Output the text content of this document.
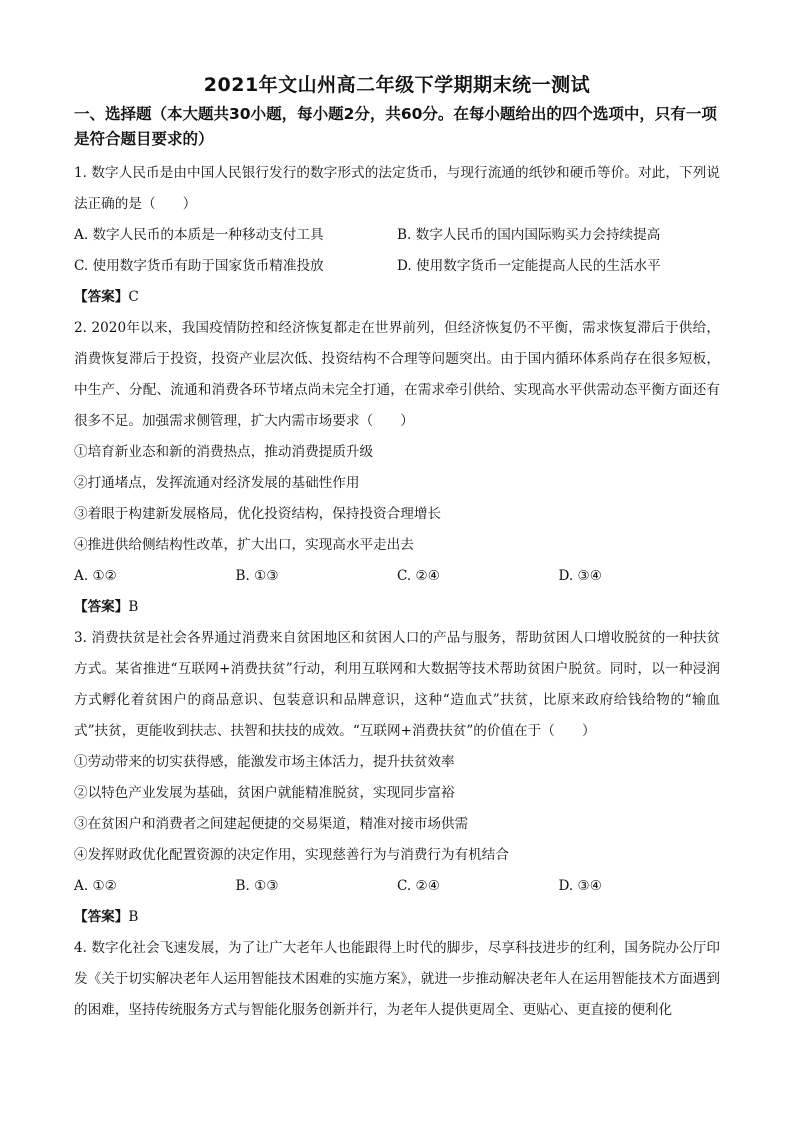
2021年文山州高二年级下学期期末统一测试
一、选择题（本大题共30小题，每小题2分，共60分。在每小题给出的四个选项中，只有一项是符合题目要求的）

1. 数字人民币是由中国人民银行发行的数字形式的法定货币，与现行流通的纸钞和硬币等价。对此，下列说法正确的是（　　）

A. 数字人民币的本质是一种移动支付工具	B. 数字人民币的国内国际购买力会持续提高
C. 使用数字货币有助于国家货币精准投放	D. 使用数字货币一定能提高人民的生活水平
【答案】C

2. 2020年以来，我国疫情防控和经济恢复都走在世界前列，但经济恢复仍不平衡，需求恢复滞后于供给，消费恢复滞后于投资，投资产业层次低、投资结构不合理等问题突出。由于国内循环体系尚存在很多短板，中生产、分配、流通和消费各环节堵点尚未完全打通，在需求牵引供给、实现高水平供需动态平衡方面还有很多不足。加强需求侧管理，扩大内需市场要求（　　）

①培育新业态和新的消费热点，推动消费提质升级

②打通堵点，发挥流通对经济发展的基础性作用

③着眼于构建新发展格局，优化投资结构，保持投资合理增长

④推进供给侧结构性改革，扩大出口，实现高水平走出去

A. ①②	B. ①③	C. ②④	D. ③④
【答案】B

3. 消费扶贫是社会各界通过消费来自贫困地区和贫困人口的产品与服务，帮助贫困人口增收脱贫的一种扶贫方式。某省推进“互联网+消费扶贫”行动，利用互联网和大数据等技术帮助贫困户脱贫。同时，以一种浸润方式孵化着贫困户的商品意识、包装意识和品牌意识，这种“造血式”扶贫，比原来政府给钱给物的“输血式”扶贫，更能收到扶志、扶智和扶技的成效。“互联网+消费扶贫”的价值在于（　　）

①劳动带来的切实获得感，能激发市场主体活力，提升扶贫效率

②以特色产业发展为基础，贫困户就能精准脱贫，实现同步富裕

③在贫困户和消费者之间建起便捷的交易渠道，精准对接市场供需

④发挥财政优化配置资源的决定作用，实现慈善行为与消费行为有机结合

A. ①②	B. ①③	C. ②④	D. ③④
【答案】B

4. 数字化社会飞速发展，为了让广大老年人也能跟得上时代的脚步，尽享科技进步的红利，国务院办公厅印发《关于切实解决老年人运用智能技术困难的实施方案》，就进一步推动解决老年人在运用智能技术方面遇到的困难，坚持传统服务方式与智能化服务创新并行，为老年人提供更周全、更贴心、更直接的便利化
